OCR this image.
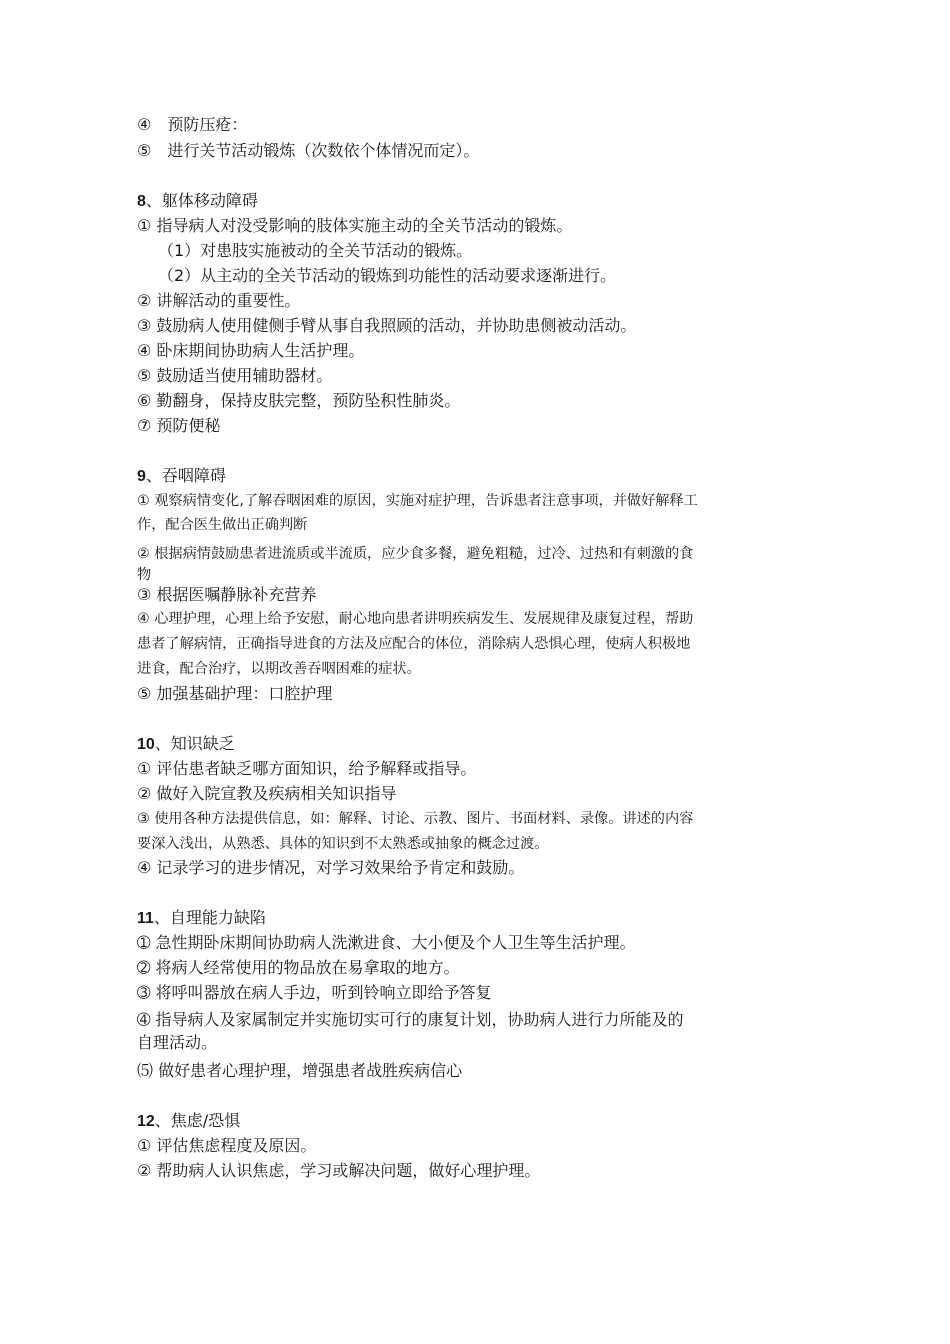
④　预防压疮：
⑤　进行关节活动锻炼（次数依个体情况而定）。
8、躯体移动障碍
① 指导病人对没受影响的肢体实施主动的全关节活动的锻炼。
（1）对患肢实施被动的全关节活动的锻炼。
（2）从主动的全关节活动的锻炼到功能性的活动要求逐渐进行。
② 讲解活动的重要性。
③ 鼓励病人使用健侧手臂从事自我照顾的活动，并协助患侧被动活动。
④ 卧床期间协助病人生活护理。
⑤ 鼓励适当使用辅助器材。
⑥ 勤翻身，保持皮肤完整，预防坠积性肺炎。
⑦ 预防便秘
9、吞咽障碍
① 观察病情变化,了解吞咽困难的原因，实施对症护理，告诉患者注意事项，并做好解释工
作，配合医生做出正确判断
② 根据病情鼓励患者进流质或半流质，应少食多餐，避免粗糙，过冷、过热和有刺激的食
物
③ 根据医嘱静脉补充营养
④ 心理护理，心理上给予安慰，耐心地向患者讲明疾病发生、发展规律及康复过程，帮助
患者了解病情，正确指导进食的方法及应配合的体位，消除病人恐惧心理，使病人积极地
进食，配合治疗，以期改善吞咽困难的症状。
⑤ 加强基础护理：口腔护理
10、知识缺乏
① 评估患者缺乏哪方面知识，给予解释或指导。
② 做好入院宣教及疾病相关知识指导
③ 使用各种方法提供信息，如：解释、讨论、示教、图片、书面材料、录像。讲述的内容
要深入浅出，从熟悉、具体的知识到不太熟悉或抽象的概念过渡。
④ 记录学习的进步情况，对学习效果给予肯定和鼓励。
11、自理能力缺陷
➀ 急性期卧床期间协助病人洗漱进食、大小便及个人卫生等生活护理。
➁ 将病人经常使用的物品放在易拿取的地方。
➂ 将呼叫器放在病人手边，听到铃响立即给予答复
➃ 指导病人及家属制定并实施切实可行的康复计划，协助病人进行力所能及的
自理活动。
⑸ 做好患者心理护理，增强患者战胜疾病信心
12、焦虑/恐惧
① 评估焦虑程度及原因。
② 帮助病人认识焦虑，学习或解决问题，做好心理护理。
